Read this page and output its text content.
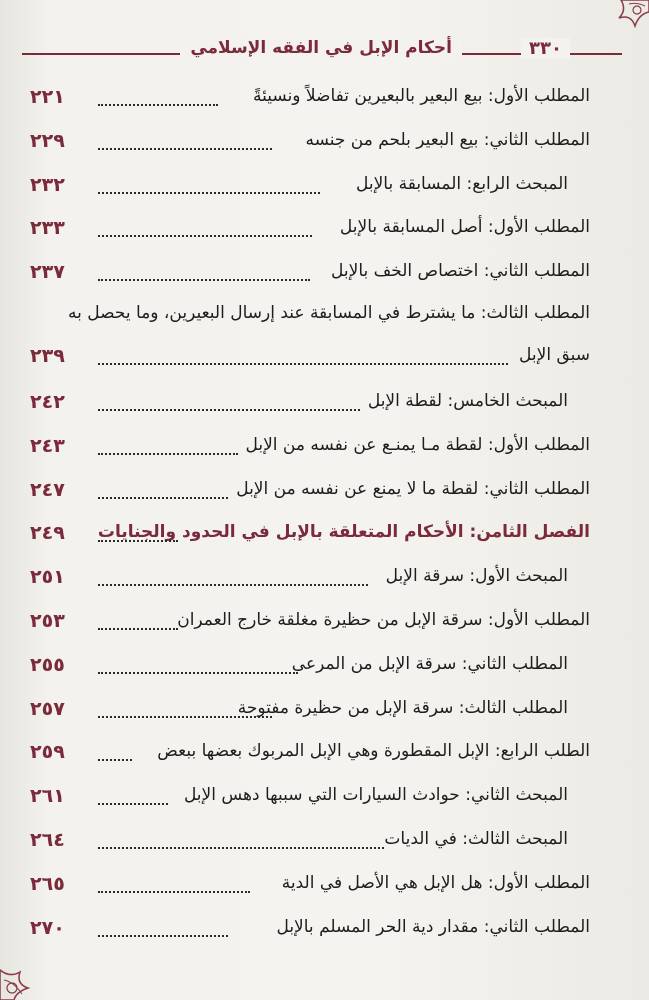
أحكام الإبل في الفقه الإسلامي	٣٣٠
المطلب الأول: بيع البعير بالبعيرين تفاضلاً ونسيئةً
٢٢١
المطلب الثاني: بيع البعير بلحم من جنسه
٢٢٩
المبحث الرابع: المسابقة بالإبل
٢٣٢
المطلب الأول: أصل المسابقة بالإبل
٢٣٣
المطلب الثاني: اختصاص الخف بالإبل
٢٣٧
المطلب الثالث: ما يشترط في المسابقة عند إرسال البعيرين، وما يحصل به
سبق الإبل
٢٣٩
المبحث الخامس: لقطة الإبل
٢٤٢
المطلب الأول: لقطة مـا يمنـع عن نفسه من الإبل
٢٤٣
المطلب الثاني: لقطة ما لا يمنع عن نفسه من الإبل
٢٤٧
الفصل الثامن: الأحكام المتعلقة بالإبل في الحدود والجنايات
٢٤٩
المبحث الأول: سرقة الإبل
٢٥١
المطلب الأول: سرقة الإبل من حظيرة مغلقة خارج العمران
٢٥٣
المطلب الثاني: سرقة الإبل من المرعى
٢٥٥
المطلب الثالث: سرقة الإبل من حظيرة مفتوحة
٢٥٧
الطلب الرابع: الإبل المقطورة وهي الإبل المربوك بعضها ببعض
٢٥٩
المبحث الثاني: حوادث السيارات التي سببها دهس الإبل
٢٦١
المبحث الثالث: في الديات
٢٦٤
المطلب الأول: هل الإبل هي الأصل في الدية
٢٦٥
المطلب الثاني: مقدار دية الحر المسلم بالإبل
٢٧٠
